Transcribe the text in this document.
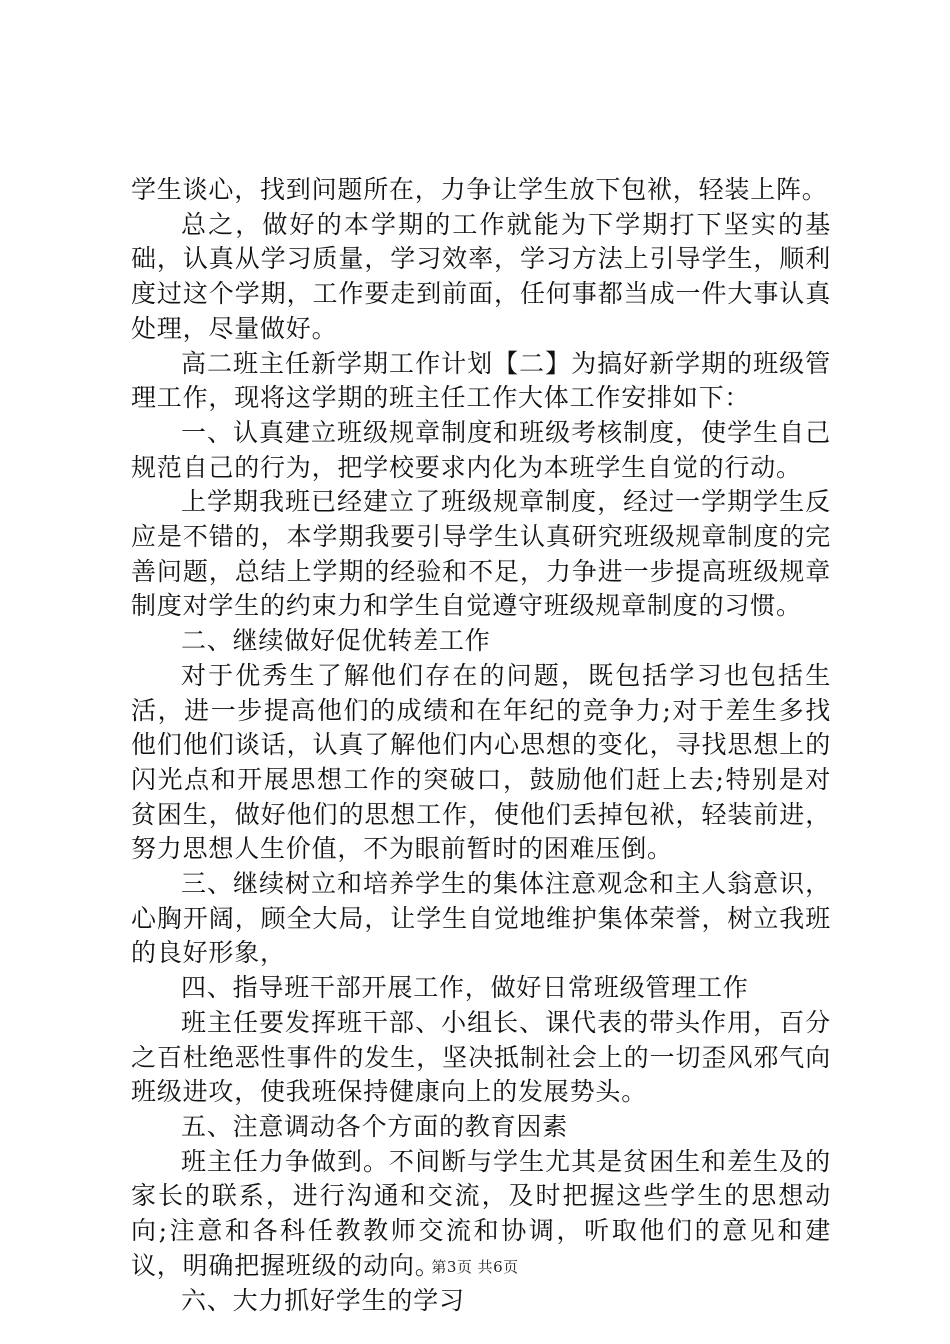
学生谈心，找到问题所在，力争让学生放下包袱，轻装上阵。

总之，做好的本学期的工作就能为下学期打下坚实的基础，认真从学习质量，学习效率，学习方法上引导学生，顺利度过这个学期，工作要走到前面，任何事都当成一件大事认真处理，尽量做好。

高二班主任新学期工作计划【二】为搞好新学期的班级管理工作，现将这学期的班主任工作大体工作安排如下：

一、认真建立班级规章制度和班级考核制度，使学生自己规范自己的行为，把学校要求内化为本班学生自觉的行动。

上学期我班已经建立了班级规章制度，经过一学期学生反应是不错的，本学期我要引导学生认真研究班级规章制度的完善问题，总结上学期的经验和不足，力争进一步提高班级规章制度对学生的约束力和学生自觉遵守班级规章制度的习惯。

二、继续做好促优转差工作

对于优秀生了解他们存在的问题，既包括学习也包括生活，进一步提高他们的成绩和在年纪的竞争力;对于差生多找他们他们谈话，认真了解他们内心思想的变化，寻找思想上的闪光点和开展思想工作的突破口，鼓励他们赶上去;特别是对贫困生，做好他们的思想工作，使他们丢掉包袱，轻装前进，努力思想人生价值，不为眼前暂时的困难压倒。

三、继续树立和培养学生的集体注意观念和主人翁意识，心胸开阔，顾全大局，让学生自觉地维护集体荣誉，树立我班的良好形象，

四、指导班干部开展工作，做好日常班级管理工作

班主任要发挥班干部、小组长、课代表的带头作用，百分之百杜绝恶性事件的发生，坚决抵制社会上的一切歪风邪气向班级进攻，使我班保持健康向上的发展势头。

五、注意调动各个方面的教育因素

班主任力争做到。不间断与学生尤其是贫困生和差生及的家长的联系，进行沟通和交流，及时把握这些学生的思想动向;注意和各科任教教师交流和协调，听取他们的意见和建议，明确把握班级的动向。

六、大力抓好学生的学习

第3页 共6页
